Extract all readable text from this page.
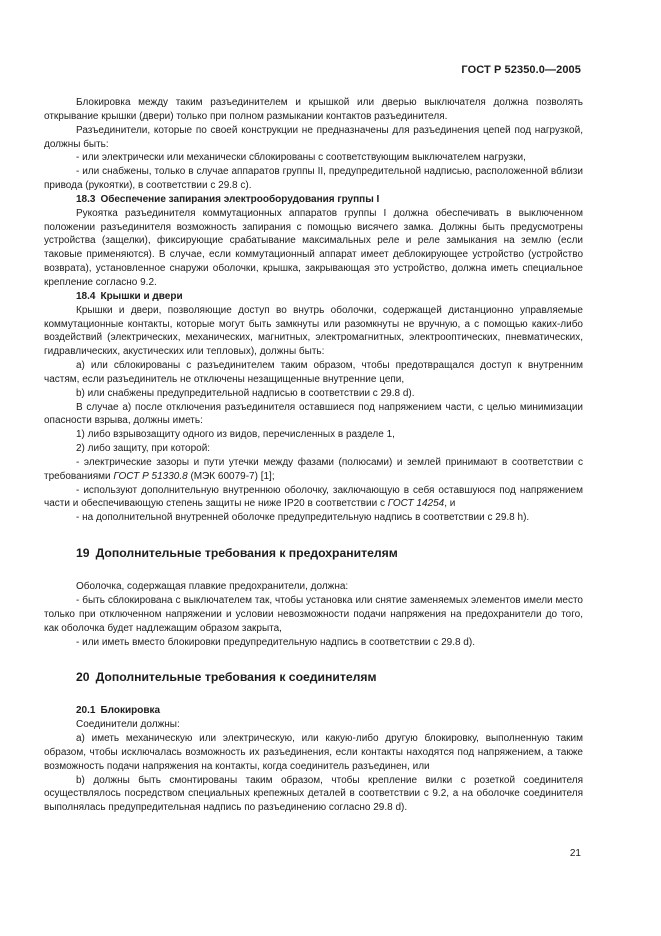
ГОСТ Р 52350.0—2005

Блокировка между таким разъединителем и крышкой или дверью выключателя должна позволять открывание крышки (двери) только при полном размыкании контактов разъединителя.

Разъединители, которые по своей конструкции не предназначены для разъединения цепей под нагрузкой, должны быть:

- или электрически или механически сблокированы с соответствующим выключателем нагрузки,

- или снабжены, только в случае аппаратов группы II, предупредительной надписью, расположенной вблизи привода (рукоятки), в соответствии с 29.8 c).

18.3 Обеспечение запирания электрооборудования группы I

Рукоятка разъединителя коммутационных аппаратов группы I должна обеспечивать в выключенном положении разъединителя возможность запирания с помощью висячего замка. Должны быть предусмотрены устройства (защелки), фиксирующие срабатывание максимальных реле и реле замыкания на землю (если таковые применяются). В случае, если коммутационный аппарат имеет деблокирующее устройство (устройство возврата), установленное снаружи оболочки, крышка, закрывающая это устройство, должна иметь специальное крепление согласно 9.2.

18.4 Крышки и двери

Крышки и двери, позволяющие доступ во внутрь оболочки, содержащей дистанционно управляемые коммутационные контакты, которые могут быть замкнуты или разомкнуты не вручную, а с помощью каких-либо воздействий (электрических, механических, магнитных, электромагнитных, электрооптических, пневматических, гидравлических, акустических или тепловых), должны быть:

a) или сблокированы с разъединителем таким образом, чтобы предотвращался доступ к внутренним частям, если разъединитель не отключены незащищенные внутренние цепи,

b) или снабжены предупредительной надписью в соответствии с 29.8 d).

В случае a) после отключения разъединителя оставшиеся под напряжением части, с целью минимизации опасности взрыва, должны иметь:

1) либо взрывозащиту одного из видов, перечисленных в разделе 1,

2) либо защиту, при которой:

- электрические зазоры и пути утечки между фазами (полюсами) и землей принимают в соответствии с требованиями ГОСТ Р 51330.8 (МЭК 60079-7) [1];

- используют дополнительную внутреннюю оболочку, заключающую в себя оставшуюся под напряжением части и обеспечивающую степень защиты не ниже IP20 в соответствии с ГОСТ 14254, и

- на дополнительной внутренней оболочке предупредительную надпись в соответствии с 29.8 h).

19 Дополнительные требования к предохранителям

Оболочка, содержащая плавкие предохранители, должна:

- быть сблокирована с выключателем так, чтобы установка или снятие заменяемых элементов имели место только при отключенном напряжении и условии невозможности подачи напряжения на предохранители до того, как оболочка будет надлежащим образом закрыта,

- или иметь вместо блокировки предупредительную надпись в соответствии с 29.8 d).

20 Дополнительные требования к соединителям

20.1 Блокировка

Соединители должны:

a) иметь механическую или электрическую, или какую-либо другую блокировку, выполненную таким образом, чтобы исключалась возможность их разъединения, если контакты находятся под напряжением, а также возможность подачи напряжения на контакты, когда соединитель разъединен, или

b) должны быть смонтированы таким образом, чтобы крепление вилки с розеткой соединителя осуществлялось посредством специальных крепежных деталей в соответствии с 9.2, а на оболочке соединителя выполнялась предупредительная надпись по разъединению согласно 29.8 d).

21
